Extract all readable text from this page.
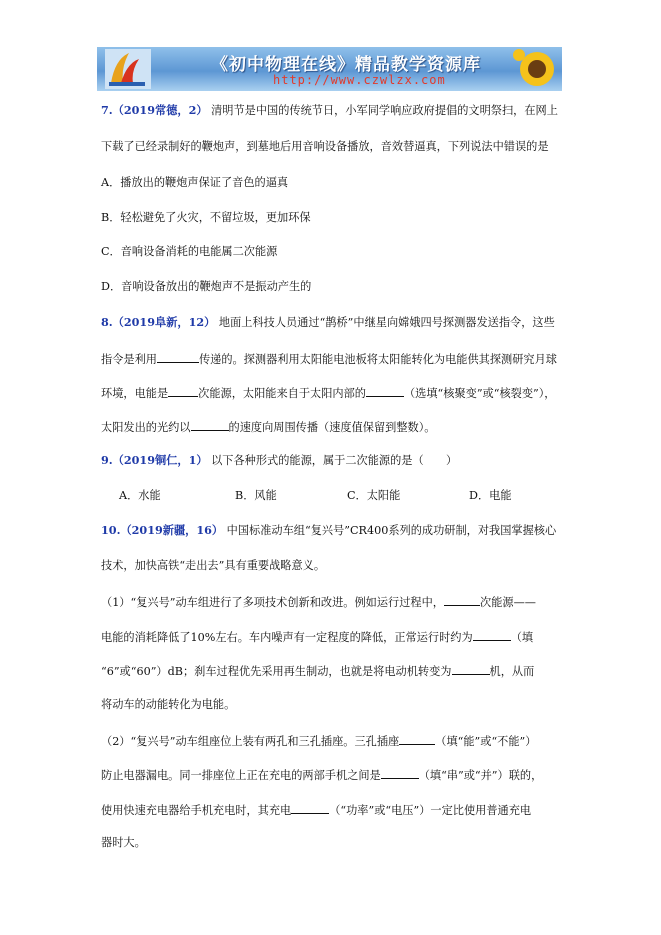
《初中物理在线》精品教学资源库
http://www.czwlzx.com
7.（2019常德，2） 清明节是中国的传统节日，小军同学响应政府提倡的文明祭扫，在网上
下载了已经录制好的鞭炮声，到墓地后用音响设备播放，音效替逼真，下列说法中错误的是
A．播放出的鞭炮声保证了音色的逼真
B．轻松避免了火灾，不留垃圾，更加环保
C．音响设备消耗的电能属二次能源
D．音响设备放出的鞭炮声不是振动产生的
8.（2019阜新，12） 地面上科技人员通过“鹊桥”中继星向嫦娥四号探测器发送指令，这些
指令是利用	传递的。探测器利用太阳能电池板将太阳能转化为电能供其探测研究月球
环境，电能是	次能源，太阳能来自于太阳内部的	（选填“核聚变”或“核裂变”），
太阳发出的光约以	的速度向周围传播（速度值保留到整数）。
9.（2019铜仁，1） 以下各种形式的能源，属于二次能源的是（　　）
A．水能	B．风能	C．太阳能	D．电能
10.（2019新疆，16） 中国标准动车组“复兴号”CR400系列的成功研制，对我国掌握核心
技术，加快高铁“走出去”具有重要战略意义。
（1）“复兴号”动车组进行了多项技术创新和改进。例如运行过程中，	次能源——
电能的消耗降低了10%左右。车内噪声有一定程度的降低，正常运行时约为	（填
“6”或“60”）dB；刹车过程优先采用再生制动，也就是将电动机转变为	机，从而
将动车的动能转化为电能。
（2）“复兴号”动车组座位上装有两孔和三孔插座。三孔插座	（填“能”或“不能”）
防止电器漏电。同一排座位上正在充电的两部手机之间是	（填“串”或“并”）联的，
使用快速充电器给手机充电时，其充电	（“功率”或“电压”）一定比使用普通充电
器时大。
